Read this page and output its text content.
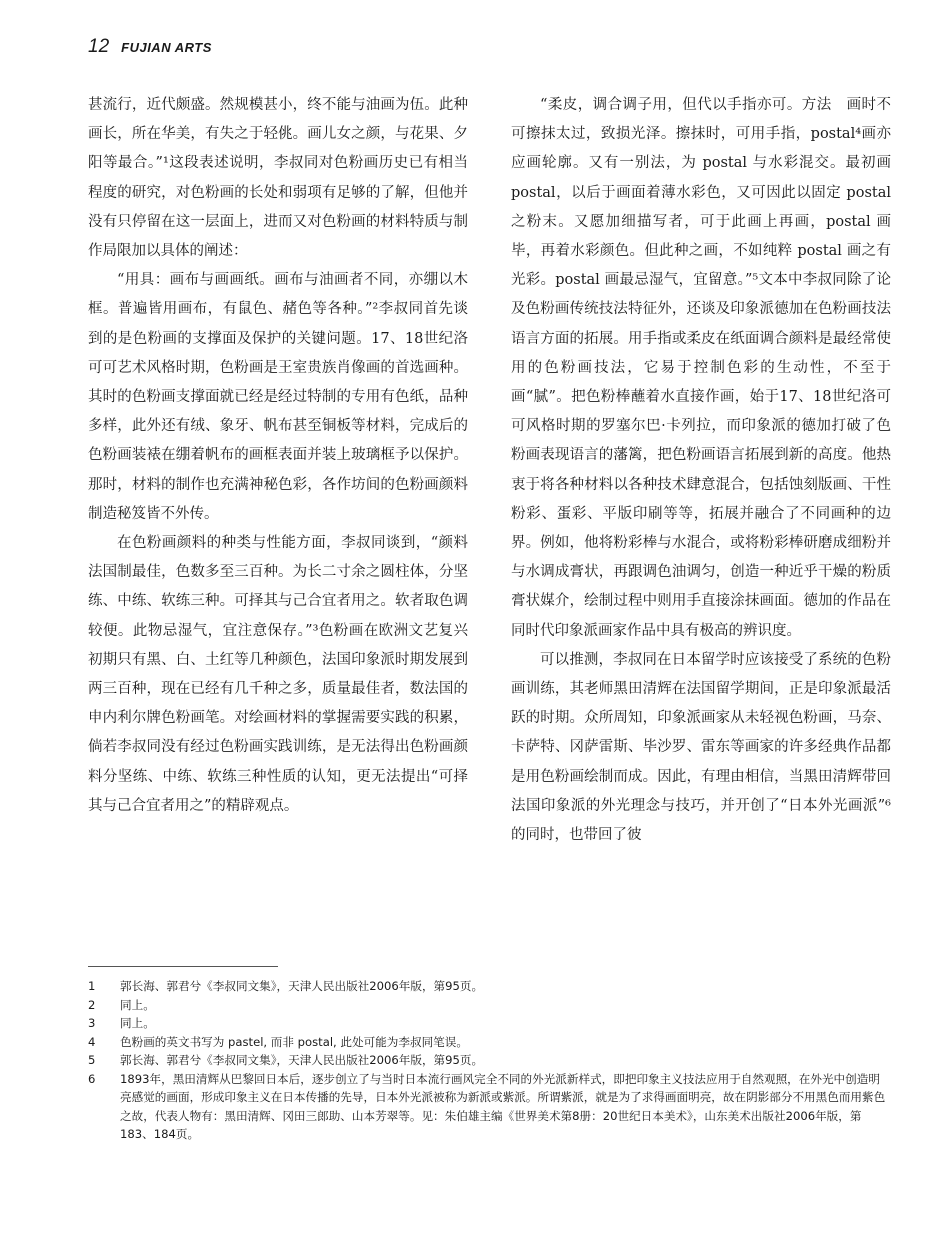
12 FUJIAN ARTS

甚流行，近代颇盛。然规模甚小，终不能与油画为伍。此种画长，所在华美，有失之于轻佻。画儿女之颜，与花果、夕阳等最合。”¹这段表述说明，李叔同对色粉画历史已有相当程度的研究，对色粉画的长处和弱项有足够的了解，但他并没有只停留在这一层面上，进而又对色粉画的材料特质与制作局限加以具体的阐述：

“用具：画布与画画纸。画布与油画者不同，亦绷以木框。普遍皆用画布，有鼠色、赭色等各种。”²李叔同首先谈到的是色粉画的支撑面及保护的关键问题。17、18世纪洛可可艺术风格时期，色粉画是王室贵族肖像画的首选画种。其时的色粉画支撑面就已经是经过特制的专用有色纸，品种多样，此外还有绒、象牙、帆布甚至铜板等材料，完成后的色粉画装裱在绷着帆布的画框表面并装上玻璃框予以保护。那时，材料的制作也充满神秘色彩，各作坊间的色粉画颜料制造秘笈皆不外传。

在色粉画颜料的种类与性能方面，李叔同谈到，“颜料法国制最佳，色数多至三百种。为长二寸余之圆柱体，分坚练、中练、软练三种。可择其与己合宜者用之。软者取色调较便。此物忌湿气，宜注意保存。”³色粉画在欧洲文艺复兴初期只有黑、白、土红等几种颜色，法国印象派时期发展到两三百种，现在已经有几千种之多，质量最佳者，数法国的申内利尔牌色粉画笔。对绘画材料的掌握需要实践的积累，倘若李叔同没有经过色粉画实践训练，是无法得出色粉画颜料分坚练、中练、软练三种性质的认知，更无法提出“可择其与己合宜者用之”的精辟观点。

“柔皮，调合调子用，但代以手指亦可。方法　画时不可擦抹太过，致损光泽。擦抹时，可用手指，postal⁴画亦应画轮廓。又有一别法，为 postal 与水彩混交。最初画 postal，以后于画面着薄水彩色，又可因此以固定 postal 之粉末。又愿加细描写者，可于此画上再画，postal 画毕，再着水彩颜色。但此种之画，不如纯粹 postal 画之有光彩。postal 画最忌湿气，宜留意。”⁵文本中李叔同除了论及色粉画传统技法特征外，还谈及印象派德加在色粉画技法语言方面的拓展。用手指或柔皮在纸面调合颜料是最经常使用的色粉画技法，它易于控制色彩的生动性，不至于画“腻”。把色粉棒蘸着水直接作画，始于17、18世纪洛可可风格时期的罗塞尔巴·卡列拉，而印象派的德加打破了色粉画表现语言的藩篱，把色粉画语言拓展到新的高度。他热衷于将各种材料以各种技术肆意混合，包括蚀刻版画、干性粉彩、蛋彩、平版印刷等等，拓展并融合了不同画种的边界。例如，他将粉彩棒与水混合，或将粉彩棒研磨成细粉并与水调成膏状，再跟调色油调匀，创造一种近乎干燥的粉质膏状媒介，绘制过程中则用手直接涂抹画面。德加的作品在同时代印象派画家作品中具有极高的辨识度。

可以推测，李叔同在日本留学时应该接受了系统的色粉画训练，其老师黑田清辉在法国留学期间，正是印象派最活跃的时期。众所周知，印象派画家从未轻视色粉画，马奈、卡萨特、冈萨雷斯、毕沙罗、雷东等画家的许多经典作品都是用色粉画绘制而成。因此，有理由相信，当黑田清辉带回法国印象派的外光理念与技巧，并开创了“日本外光画派”⁶的同时，也带回了彼

1	郭长海、郭君兮《李叔同文集》，天津人民出版社2006年版，第95页。
2	同上。
3	同上。
4	色粉画的英文书写为 pastel, 而非 postal, 此处可能为李叔同笔误。
5	郭长海、郭君兮《李叔同文集》，天津人民出版社2006年版，第95页。
6	1893年，黑田清辉从巴黎回日本后，逐步创立了与当时日本流行画风完全不同的外光派新样式，即把印象主义技法应用于自然观照，在外光中创造明亮感觉的画面，形成印象主义在日本传播的先导，日本外光派被称为新派或紫派。所谓紫派，就是为了求得画面明亮，故在阴影部分不用黑色而用紫色之故，代表人物有：黑田清辉、冈田三郎助、山本芳翠等。见：朱伯雄主编《世界美术第8册：20世纪日本美术》，山东美术出版社2006年版，第183、184页。
